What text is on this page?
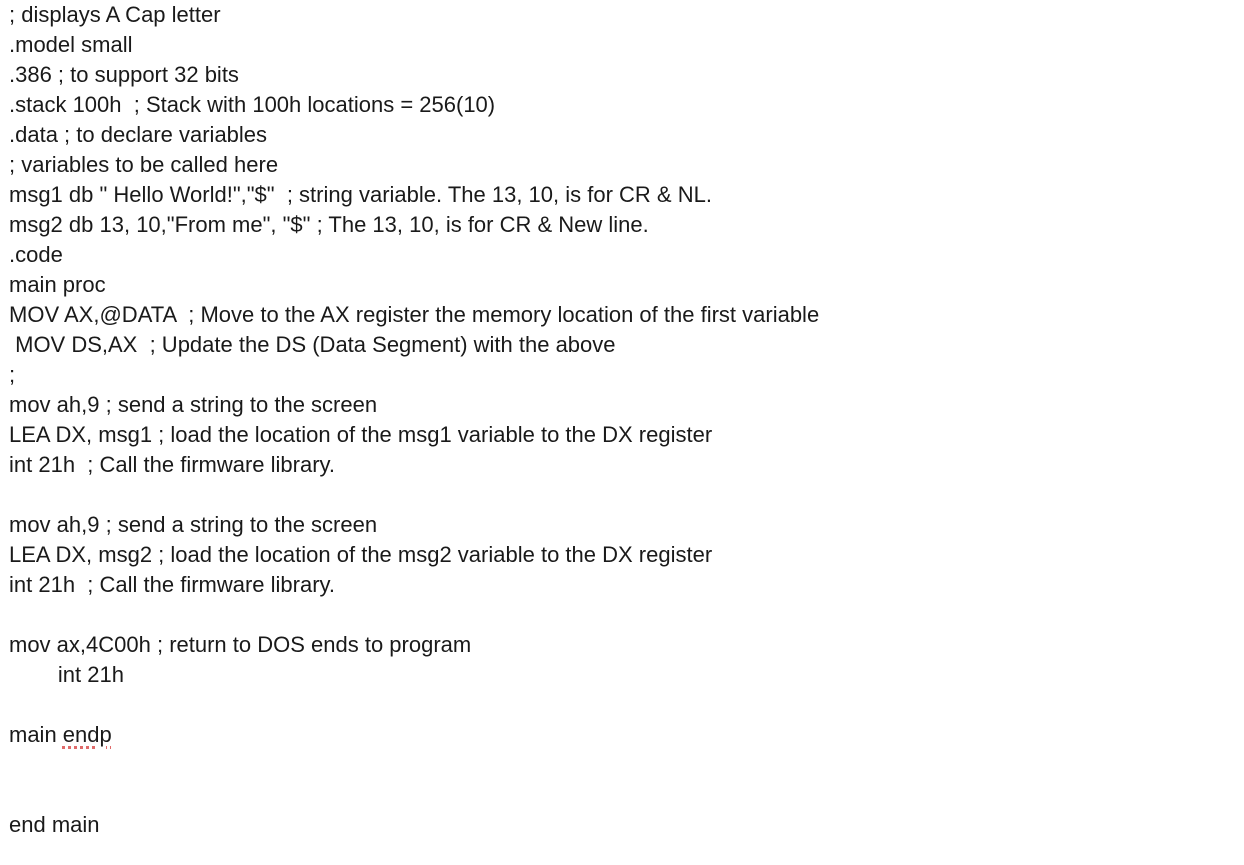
; displays A Cap letter
.model small
.386 ; to support 32 bits
.stack 100h  ; Stack with 100h locations = 256(10)
.data ; to declare variables
; variables to be called here
msg1 db " Hello World!","$"  ; string variable. The 13, 10, is for CR & NL.
msg2 db 13, 10,"From me", "$" ; The 13, 10, is for CR & New line.
.code
main proc
MOV AX,@DATA  ; Move to the AX register the memory location of the first variable
MOV DS,AX  ; Update the DS (Data Segment) with the above
;
mov ah,9 ; send a string to the screen
LEA DX, msg1 ; load the location of the msg1 variable to the DX register
int 21h  ; Call the firmware library.
mov ah,9 ; send a string to the screen
LEA DX, msg2 ; load the location of the msg2 variable to the DX register
int 21h  ; Call the firmware library.
mov ax,4C00h ; return to DOS ends to program
int 21h
main endp
end main
